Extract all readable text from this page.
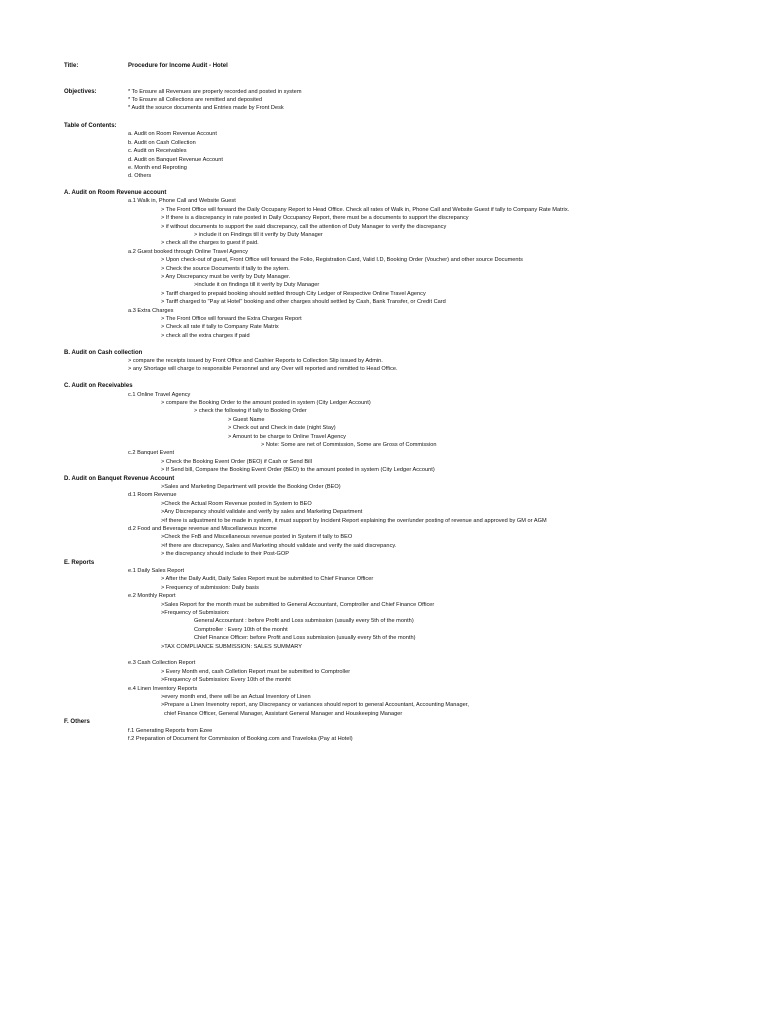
Title:	Procedure for Income Audit - Hotel
Objectives:	* To Ensure all Revenues are properly recorded and posted in system
* To Ensure all Collections are remitted and deposited
* Audit the source documents and Entries made by Front Desk
Table of Contents:
a. Audit on Room Revenue Account
b. Audit on Cash Collection
c. Audit on Receivables
d. Audit on Banquet Revenue Account
e. Month end Reproting
d. Others
A. Audit on Room Revenue account
a.1 Walk in, Phone Call and Website Guest
> The Front Office will forward the Daily Occupany Report to Head Office. Check all rates of Walk in, Phone Call and Website Guest if tally to Company Rate Matrix.
> If there is a discrepancy in rate posted in Daily Occupancy Report, there must be a documents to support the discrepancy
> if without documents to support the said discrepancy, call the attention of Duty Manager to verify the discrepancy
> include it on Findings till it verify by Duty Manager
> check all the charges to guest if paid.
a.2 Guest booked through Online Travel Agency
> Upon check-out of guest, Front Office will forward the Folio, Registration Card, Valid I.D, Booking Order (Voucher) and other source Documents
> Check the source Documents if tally to the sytem.
> Any Discrepancy must be verify by Duty Manager.
>include it on findings till it verify by Duty Manager
> Tariff charged to prepaid booking should settled through City Ledger of Respective Online Travel Agency
> Tariff charged to "Pay at Hotel" booking and other charges should settled by Cash, Bank Transfer, or Credit Card
a.3 Extra Charges
> The Front Office will forward the Extra Charges Report
> Check all rate if tally to Company Rate Matrix
> check all the extra charges if paid
B. Audit on Cash collection
> compare the receipts issued by Front Office and Cashier Reports to Collection Slip issued by Admin.
> any Shortage will charge to responsible Personnel and any Over will reported and remitted to Head Office.
C. Audit on Receivables
c.1 Online Travel Agency
> compare the Booking Order to the amount posted in system (City Ledger Account)
> check the following if tally to Booking Order
> Guest Name
> Check out and Check in date (night Stay)
> Amount to be charge to Online Travel Agency
> Note: Some are net of Commission, Some are Gross of Commission
c.2 Banquet Event
> Check the Booking Event Order (BEO) if Cash or Send Bill
> If Send bill, Compare the Booking Event Order (BEO) to the amount posted in system (City Ledger Account)
D. Audit on Banquet Revenue Account
>Sales and Marketing Department will provide the Booking Order (BEO)
d.1 Room Revenue
>Check the Actual Room Revenue posted in System to BEO
>Any Discrepancy should validate and verify by sales and Marketing Department
>if there is adjustment to be made in system, it must support by Incident Report explaining the over/under posting of revenue and approved by GM or AGM
d.2 Food and Beverage revenue and Miscellaneous income
>Check the FnB and Miscellaneous revenue posted in System if tally to BEO
>if there are discrepancy, Sales and Marketing should validate and verify the said discrepancy.
> the discrepancy should include to their Post-GOP
E. Reports
e.1 Daily Sales Report
> After the Daily Audit, Daily Sales Report must be submitted to Chief Finance Officer
> Frequency of submission: Daily basis
e.2 Monthly Report
>Sales Report for the month must be submitted to General Accountant, Comptroller and Chief Finance Officer
>Frequency of Submission:
General Accountant : before Profit and Loss submission (usually every 5th of the month)
Comptroller : Every 10th of the monht
Chief Finance Officer: before Profit and Loss submission (usually every 5th of the month)
>TAX COMPLIANCE SUBMISSION: SALES SUMMARY
e.3 Cash Collection Report
> Every Month end, cash Colletion Report must be submitted to Comptroller
>Frequency of Submission: Every 10th of the monht
e.4 Linen Inventory Reports
>every month end, there will be an Actual Inventory of Linen
>Prepare a Linen Invenotry report, any Discrepancy or variances should report to general Accountant, Accounting Manager,
chief Finance Officer, General Manager, Assistant General Manager and Houskeeping Manager
F. Others
f.1 Generating Reports from Ezee
f.2 Preparation of Document for Commission of Booking.com and Traveloka (Pay at Hotel)
